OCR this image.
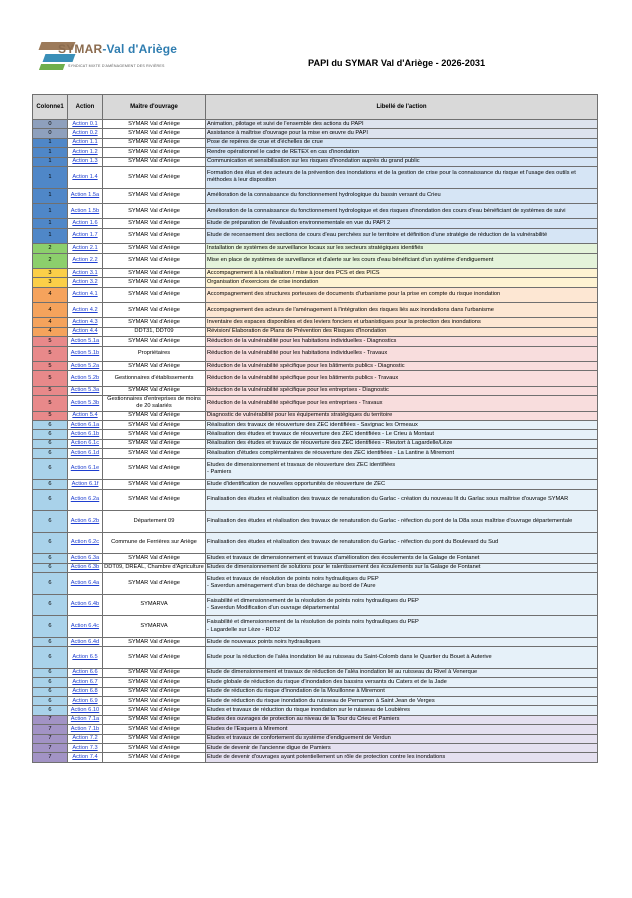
SYMAR-Val d'Ariège
SYNDICAT MIXTE D'AMÉNAGEMENT DES RIVIÈRES	PAPI du SYMAR Val d'Ariège - 2026-2031
Colonne1	Action	Maître d'ouvrage	Libellé de l'action
0	Action 0.1	SYMAR Val d'Ariège	Animation, pilotage et suivi de l'ensemble des actions du PAPI
0	Action 0.2	SYMAR Val d'Ariège	Assistance à maîtrise d'ouvrage pour la mise en œuvre du PAPI
1	Action 1.1	SYMAR Val d'Ariège	Pose de repères de crue et d'échelles de crue
1	Action 1.2	SYMAR Val d'Ariège	Rendre opérationnel le cadre de RETEX en cas d'inondation
1	Action 1.3	SYMAR Val d'Ariège	Communication et sensibilisation sur les risques d'inondation auprès du grand public
1	Action 1.4	SYMAR Val d'Ariège	Formation des élus et des acteurs de la prévention des inondations et de la gestion de crise pour la connaissance du risque et l'usage des outils et méthodes à leur disposition
1	Action 1.5a	SYMAR Val d'Ariège	Amélioration de la connaissance du fonctionnement hydrologique du bassin versant du Crieu
1	Action 1.5b	SYMAR Val d'Ariège	Amélioration de la connaissance du fonctionnement hydrologique et des risques d'inondation des cours d'eau bénéficiant de systèmes de suivi
1	Action 1.6	SYMAR Val d'Ariège	Etude de préparation de l'évaluation environnementale en vue du PAPI 2
1	Action 1.7	SYMAR Val d'Ariège	Etude de recensement des sections de cours d'eau perchées sur le territoire et définition d'une stratégie de réduction de la vulnérabilité
2	Action 2.1	SYMAR Val d'Ariège	Installation de systèmes de surveillance locaux sur les secteurs stratégiques identifiés
2	Action 2.2	SYMAR Val d'Ariège	Mise en place de systèmes de surveillance et d'alerte sur les cours d'eau bénéficiant d'un système d'endiguement
3	Action 3.1	SYMAR Val d'Ariège	Accompagnement à la réalisation / mise à jour des PCS et des PICS
3	Action 3.2	SYMAR Val d'Ariège	Organisation d'exercices de crise inondation
4	Action 4.1	SYMAR Val d'Ariège	Accompagnement des structures porteuses de documents d'urbanisme pour la prise en compte du risque inondation
4	Action 4.2	SYMAR Val d'Ariège	Accompagnement des acteurs de l'aménagement à l'intégration des risques liés aux inondations dans l'urbanisme
4	Action 4.3	SYMAR Val d'Ariège	Inventaire des espaces disponibles et des leviers fonciers et urbanistiques pour la protection des inondations
4	Action 4.4	DDT31, DDT09	Révision/ Elaboration de Plans de Prévention des Risques d'Inondation
5	Action 5.1a	SYMAR Val d'Ariège	Réduction de la vulnérabilité pour les habitations individuelles - Diagnostics
5	Action 5.1b	Propriétaires	Réduction de la vulnérabilité pour les habitations individuelles - Travaux
5	Action 5.2a	SYMAR Val d'Ariège	Réduction de la vulnérabilité spécifique pour les bâtiments publics - Diagnostic
5	Action 5.2b	Gestionnaires d'établissements	Réduction de la vulnérabilité spécifique pour les bâtiments publics - Travaux
5	Action 5.3a	SYMAR Val d'Ariège	Réduction de la vulnérabilité spécifique pour les entreprises - Diagnostic
5	Action 5.3b	Gestionnaires d'entreprises de moins de 20 salariés	Réduction de la vulnérabilité spécifique pour les entreprises - Travaux
5	Action 5.4	SYMAR Val d'Ariège	Diagnostic de vulnérabilité pour les équipements stratégiques du territoire
6	Action 6.1a	SYMAR Val d'Ariège	Réalisation des travaux de réouverture des ZEC identifiées - Savignac les Ormeaux
6	Action 6.1b	SYMAR Val d'Ariège	Réalisation des études et travaux de réouverture des ZEC identifiées - Le Crieu à Montaut
6	Action 6.1c	SYMAR Val d'Ariège	Réalisation des études et travaux de réouverture des ZEC identifiées - Rieutort à Lagardelle/Lèze
6	Action 6.1d	SYMAR Val d'Ariège	Réalisation d'études complémentaires de réouverture des ZEC identifiées - La Lantine à Miremont
6	Action 6.1e	SYMAR Val d'Ariège	Etudes de dimensionnement et travaux de réouverture des ZEC identifiées
- Pamiers
6	Action 6.1f	SYMAR Val d'Ariège	Etude d'identification de nouvelles opportunités de réouverture de ZEC
6	Action 6.2a	SYMAR Val d'Ariège	Finalisation des études et réalisation des travaux de renaturation du Garlac - création du nouveau lit du Garlac sous maîtrise d'ouvrage SYMAR
6	Action 6.2b	Département 09	Finalisation des études et réalisation des travaux de renaturation du Garlac - réfection du pont de la D8a sous maîtrise d'ouvrage départementale
6	Action 6.2c	Commune de Ferrières sur Ariège	Finalisation des études et réalisation des travaux de renaturation du Garlac - réfection du pont du Boulevard du Sud
6	Action 6.3a	SYMAR Val d'Ariège	Etudes et travaux de dimensionnement et travaux d'amélioration des écoulements de la Galage de Fontanet
6	Action 6.3b	DDT09, DREAL, Chambre d'Agriculture	Etudes de dimensionnement de solutions pour le ralentissement des écoulements sur la Galage de Fontanet
6	Action 6.4a	SYMAR Val d'Ariège	Etudes et travaux de résolution de points noirs hydrauliques du PEP
- Saverdun aménagement d'un bras de décharge au bord de l'Aure
6	Action 6.4b	SYMARVA	Faisabilité et dimensionnement de la résolution de points noirs hydrauliques du PEP
- Saverdun Modification d'un ouvrage départemental
6	Action 6.4c	SYMARVA	Faisabilité et dimensionnement de la résolution de points noirs hydrauliques du PEP
- Lagardelle sur Lèze - RD12
6	Action 6.4d	SYMAR Val d'Ariège	Etude de nouveaux points noirs hydrauliques
6	Action 6.5	SYMAR Val d'Ariège	Etude pour la réduction de l'aléa inondation lié au ruisseau du Saint-Colomb dans le Quartier du Bouet à Auterive
6	Action 6.6	SYMAR Val d'Ariège	Etude de dimensionnement et travaux de réduction de l'aléa inondation lié au ruisseau du Rivel à Venerque
6	Action 6.7	SYMAR Val d'Ariège	Etude globale de réduction du risque d'inondation des bassins versants du Caters et de la Jade
6	Action 6.8	SYMAR Val d'Ariège	Etude de réduction du risque d'inondation de la Mouillonne à Miremont
6	Action 6.9	SYMAR Val d'Ariège	Etude de réduction du risque inondation du ruisseau de Pernamon à Saint Jean de Verges
6	Action 6.10	SYMAR Val d'Ariège	Etudes et travaux de réduction du risque inondation sur le ruisseau de Loubières
7	Action 7.1a	SYMAR Val d'Ariège	Etudes des ouvrages de protection au niveau de la Tour du Crieu et Pamiers
7	Action 7.1b	SYMAR Val d'Ariège	Etudes de l'Esquers à Miremont
7	Action 7.2	SYMAR Val d'Ariège	Etudes et travaux de confortement du système d'endiguement de Verdun
7	Action 7.3	SYMAR Val d'Ariège	Etude de devenir de l'ancienne digue de Pamiers
7	Action 7.4	SYMAR Val d'Ariège	Etude de devenir d'ouvrages ayant potentiellement un rôle de protection contre les inondations
